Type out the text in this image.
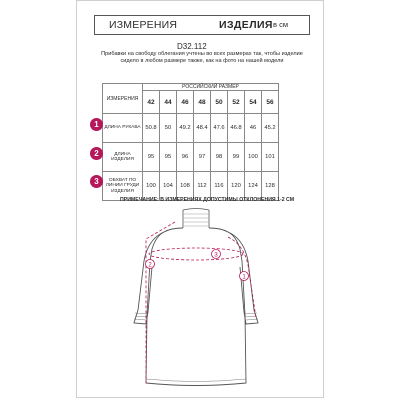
ИЗМЕРЕНИЯ	ИЗДЕЛИЯ в см
D32.112
Прибавки на свободу облегания учтены во всех размерах так, чтобы изделие сидело в любом размере также, как на фото на нашей модели
ИЗМЕРЕНИЯ	РОССИЙСКИЙ РАЗМЕР							
	42	44	46	48	50	52	54	56
ДЛИНА РУКАВА	50.8	50	49.2	48.4	47.6	46.8	46	45.2
ДЛИНА ИЗДЕЛИЯ	95	95	96	97	98	99	100	101
ОБХВАТ ПО ЛИНИИ ГРУДИ ИЗДЕЛИЯ	100	104	108	112	116	120	124	128
1
2
3
ПРИМЕЧАНИЕ: В ИЗМЕРЕНИЯХ ДОПУСТИМЫ ОТКЛОНЕНИЯ 1-2 СМ
2
3
1
